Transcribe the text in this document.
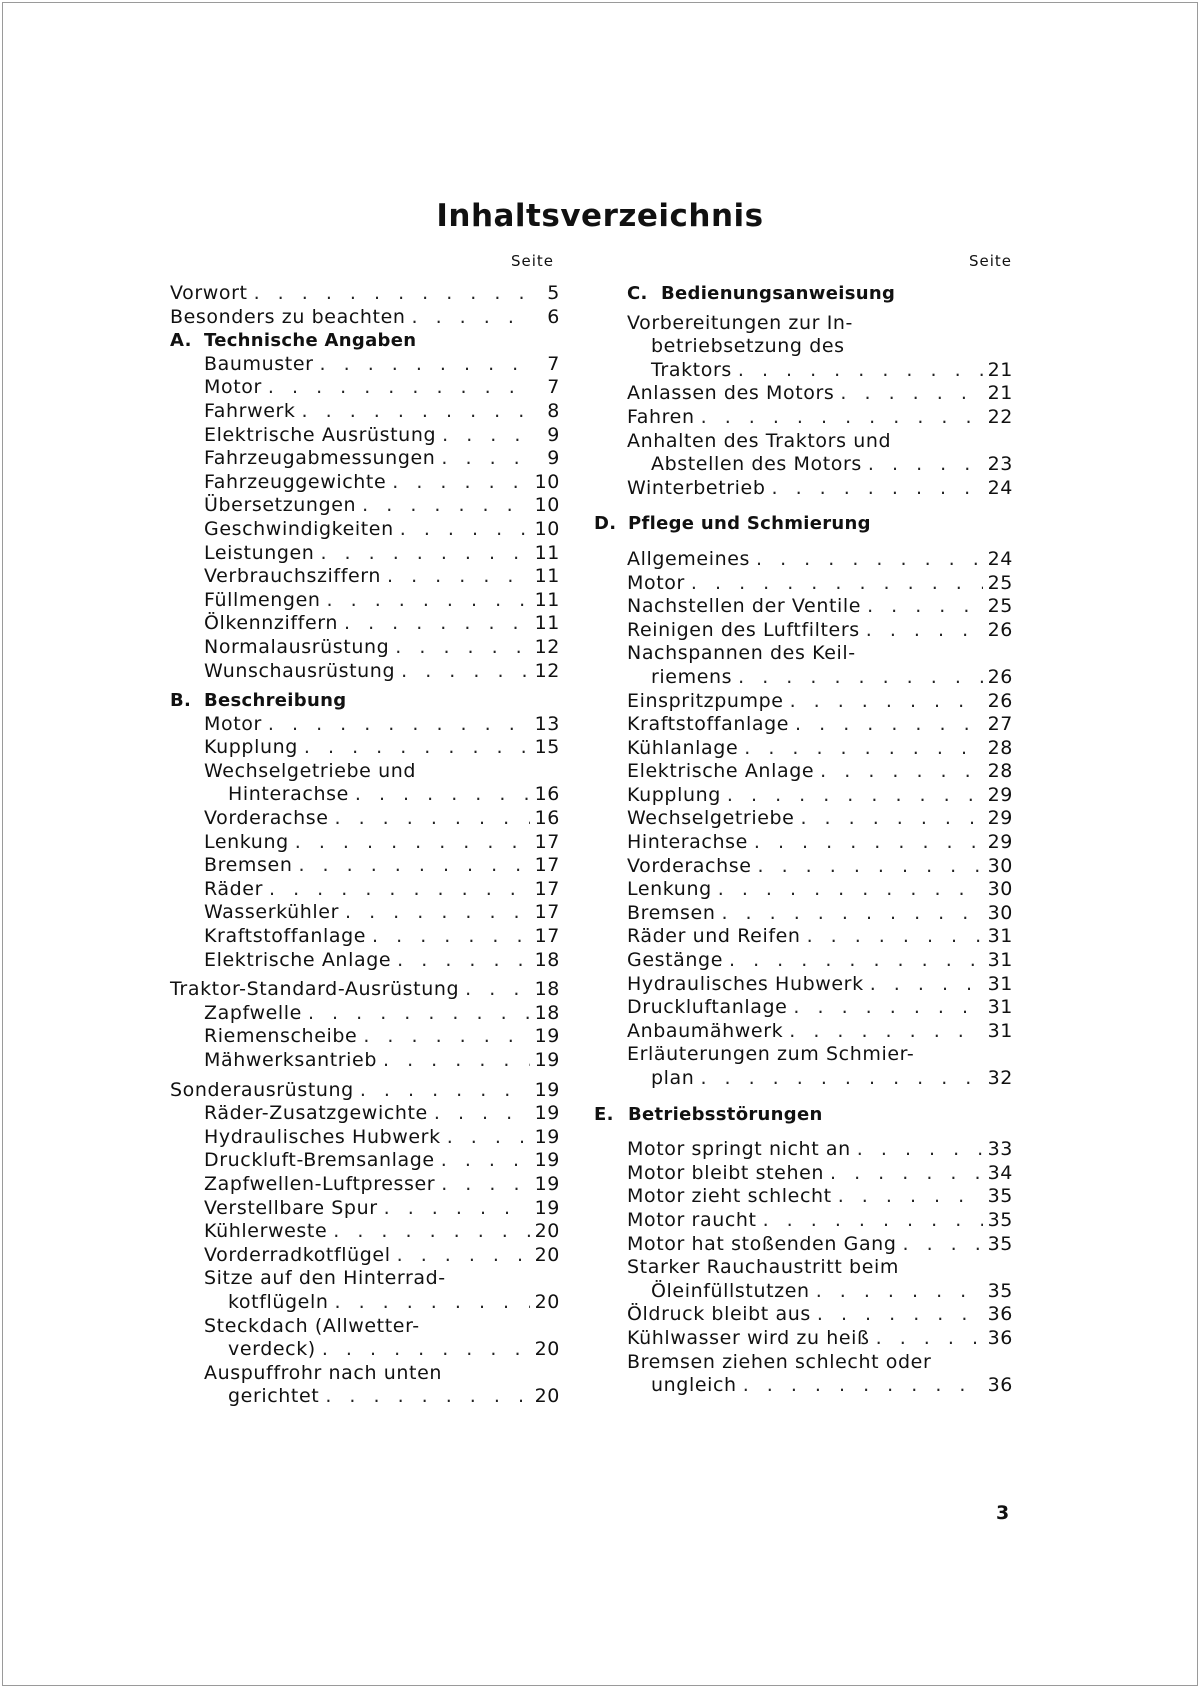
Inhaltsverzeichnis
Seite	Seite
Vorwort . . .	5
Besonders zu beachten . . .	6
A. Technische Angaben
Baumuster . . .	7
Motor . . .	7
Fahrwerk . . .	8
Elektrische Ausrüstung . . .	9
Fahrzeugabmessungen . . .	9
Fahrzeuggewichte . . .	10
Übersetzungen . . .	10
Geschwindigkeiten . . .	10
Leistungen . . .	11
Verbrauchsziffern . . .	11
Füllmengen . . .	11
Ölkennziffern . . .	11
Normalausrüstung . . .	12
Wunschausrüstung . . .	12
B. Beschreibung
Motor . . .	13
Kupplung . . .	15
Wechselgetriebe und
Hinterachse . . .	16
Vorderachse . . .	16
Lenkung . . .	17
Bremsen . . .	17
Räder . . .	17
Wasserkühler . . .	17
Kraftstoffanlage . . .	17
Elektrische Anlage . . .	18
Traktor-Standard-Ausrüstung . . .	18
Zapfwelle . . .	18
Riemenscheibe . . .	19
Mähwerksantrieb . . .	19
Sonderausrüstung . . .	19
Räder-Zusatzgewichte . . .	19
Hydraulisches Hubwerk . . .	19
Druckluft-Bremsanlage . . .	19
Zapfwellen-Luftpresser . . .	19
Verstellbare Spur . . .	19
Kühlerweste . . .	20
Vorderradkotflügel . . .	20
Sitze auf den Hinterrad-
kotflügeln . . .	20
Steckdach (Allwetter-
verdeck) . . .	20
Auspuffrohr nach unten
gerichtet . . .	20
C. Bedienungsanweisung
Vorbereitungen zur In-
betriebsetzung des
Traktors . . .	21
Anlassen des Motors . . .	21
Fahren . . .	22
Anhalten des Traktors und
Abstellen des Motors . . .	23
Winterbetrieb . . .	24
D. Pflege und Schmierung
Allgemeines . . .	24
Motor . . .	25
Nachstellen der Ventile . . .	25
Reinigen des Luftfilters . . .	26
Nachspannen des Keil-
riemens . . .	26
Einspritzpumpe . . .	26
Kraftstoffanlage . . .	27
Kühlanlage . . .	28
Elektrische Anlage . . .	28
Kupplung . . .	29
Wechselgetriebe . . .	29
Hinterachse . . .	29
Vorderachse . . .	30
Lenkung . . .	30
Bremsen . . .	30
Räder und Reifen . . .	31
Gestänge . . .	31
Hydraulisches Hubwerk . . .	31
Druckluftanlage . . .	31
Anbaumähwerk . . .	31
Erläuterungen zum Schmier-
plan . . .	32
E. Betriebsstörungen
Motor springt nicht an . . .	33
Motor bleibt stehen . . .	34
Motor zieht schlecht . . .	35
Motor raucht . . .	35
Motor hat stoßenden Gang . . .	35
Starker Rauchaustritt beim
Öleinfüllstutzen . . .	35
Öldruck bleibt aus . . .	36
Kühlwasser wird zu heiß . . .	36
Bremsen ziehen schlecht oder
ungleich . . .	36
3
